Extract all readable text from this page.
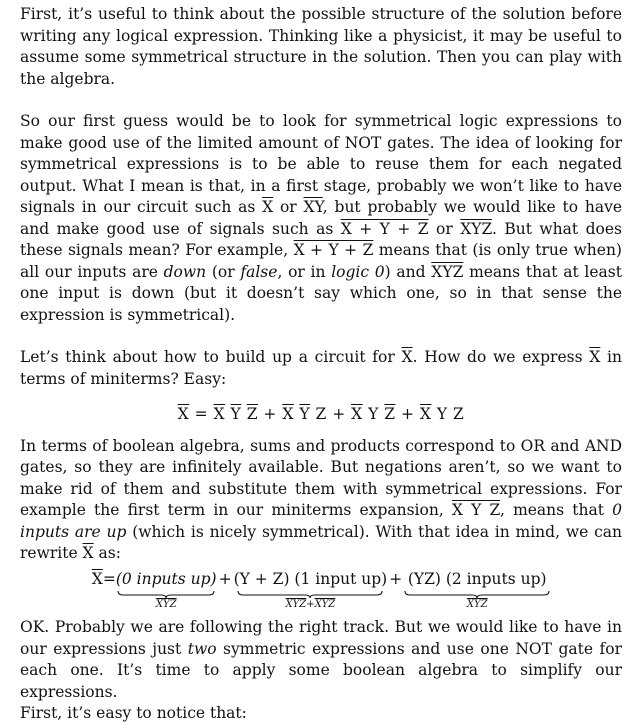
First, it’s useful to think about the possible structure of the solution before writing any logical expression. Thinking like a physicist, it may be useful to assume some symmetrical structure in the solution. Then you can play with the algebra.

So our first guess would be to look for symmetrical logic expressions to make good use of the limited amount of NOT gates. The idea of looking for symmetrical expressions is to be able to reuse them for each negated output. What I mean is that, in a first stage, probably we won’t like to have signals in our circuit such as $\overline{X}$ or $\overline{XY}$, but probably we would like to have and make good use of signals such as X + Y + Z or $\overline{XYZ}$. But what does these signals mean? For example, X + Y + Z means that (is only true when) all our inputs are down (or false, or in logic 0) and $\overline{XYZ}$ means that at least one input is down (but it doesn’t say which one, so in that sense the expression is symmetrical).

Let’s think about how to build up a circuit for $\overline{X}$. How do we express $\overline{X}$ in terms of miniterms? Easy:

$\overline{X} = \overline{X}$ $\overline{Y}$ $\overline{Z} + \overline{X}$ $\overline{Y}$ $Z + \overline{X}$ Y $\overline{Z} + \overline{X}$ Y Z

In terms of boolean algebra, sums and products correspond to OR and AND gates, so they are infinitely available. But negations aren’t, so we want to make rid of them and substitute them with symmetrical expressions. For example the first term in our miniterms expansion, X Y Z, means that 0 inputs are up (which is nicely symmetrical). With that idea in mind, we can rewrite $\overline{X}$ as:

$\overline{X} = (0$ inputs up)
$\overline{XYZ}$
+ (Y + Z) (1 input up)
$\overline{XYZ}+\overline{XYZ}$
+ (YZ) (2 inputs up)
$\overline{XYZ}$

OK. Probably we are following the right track. But we would like to have in our expressions just two symmetric expressions and use one NOT gate for each one. It’s time to apply some boolean algebra to simplify our expressions.

First, it’s easy to notice that:
